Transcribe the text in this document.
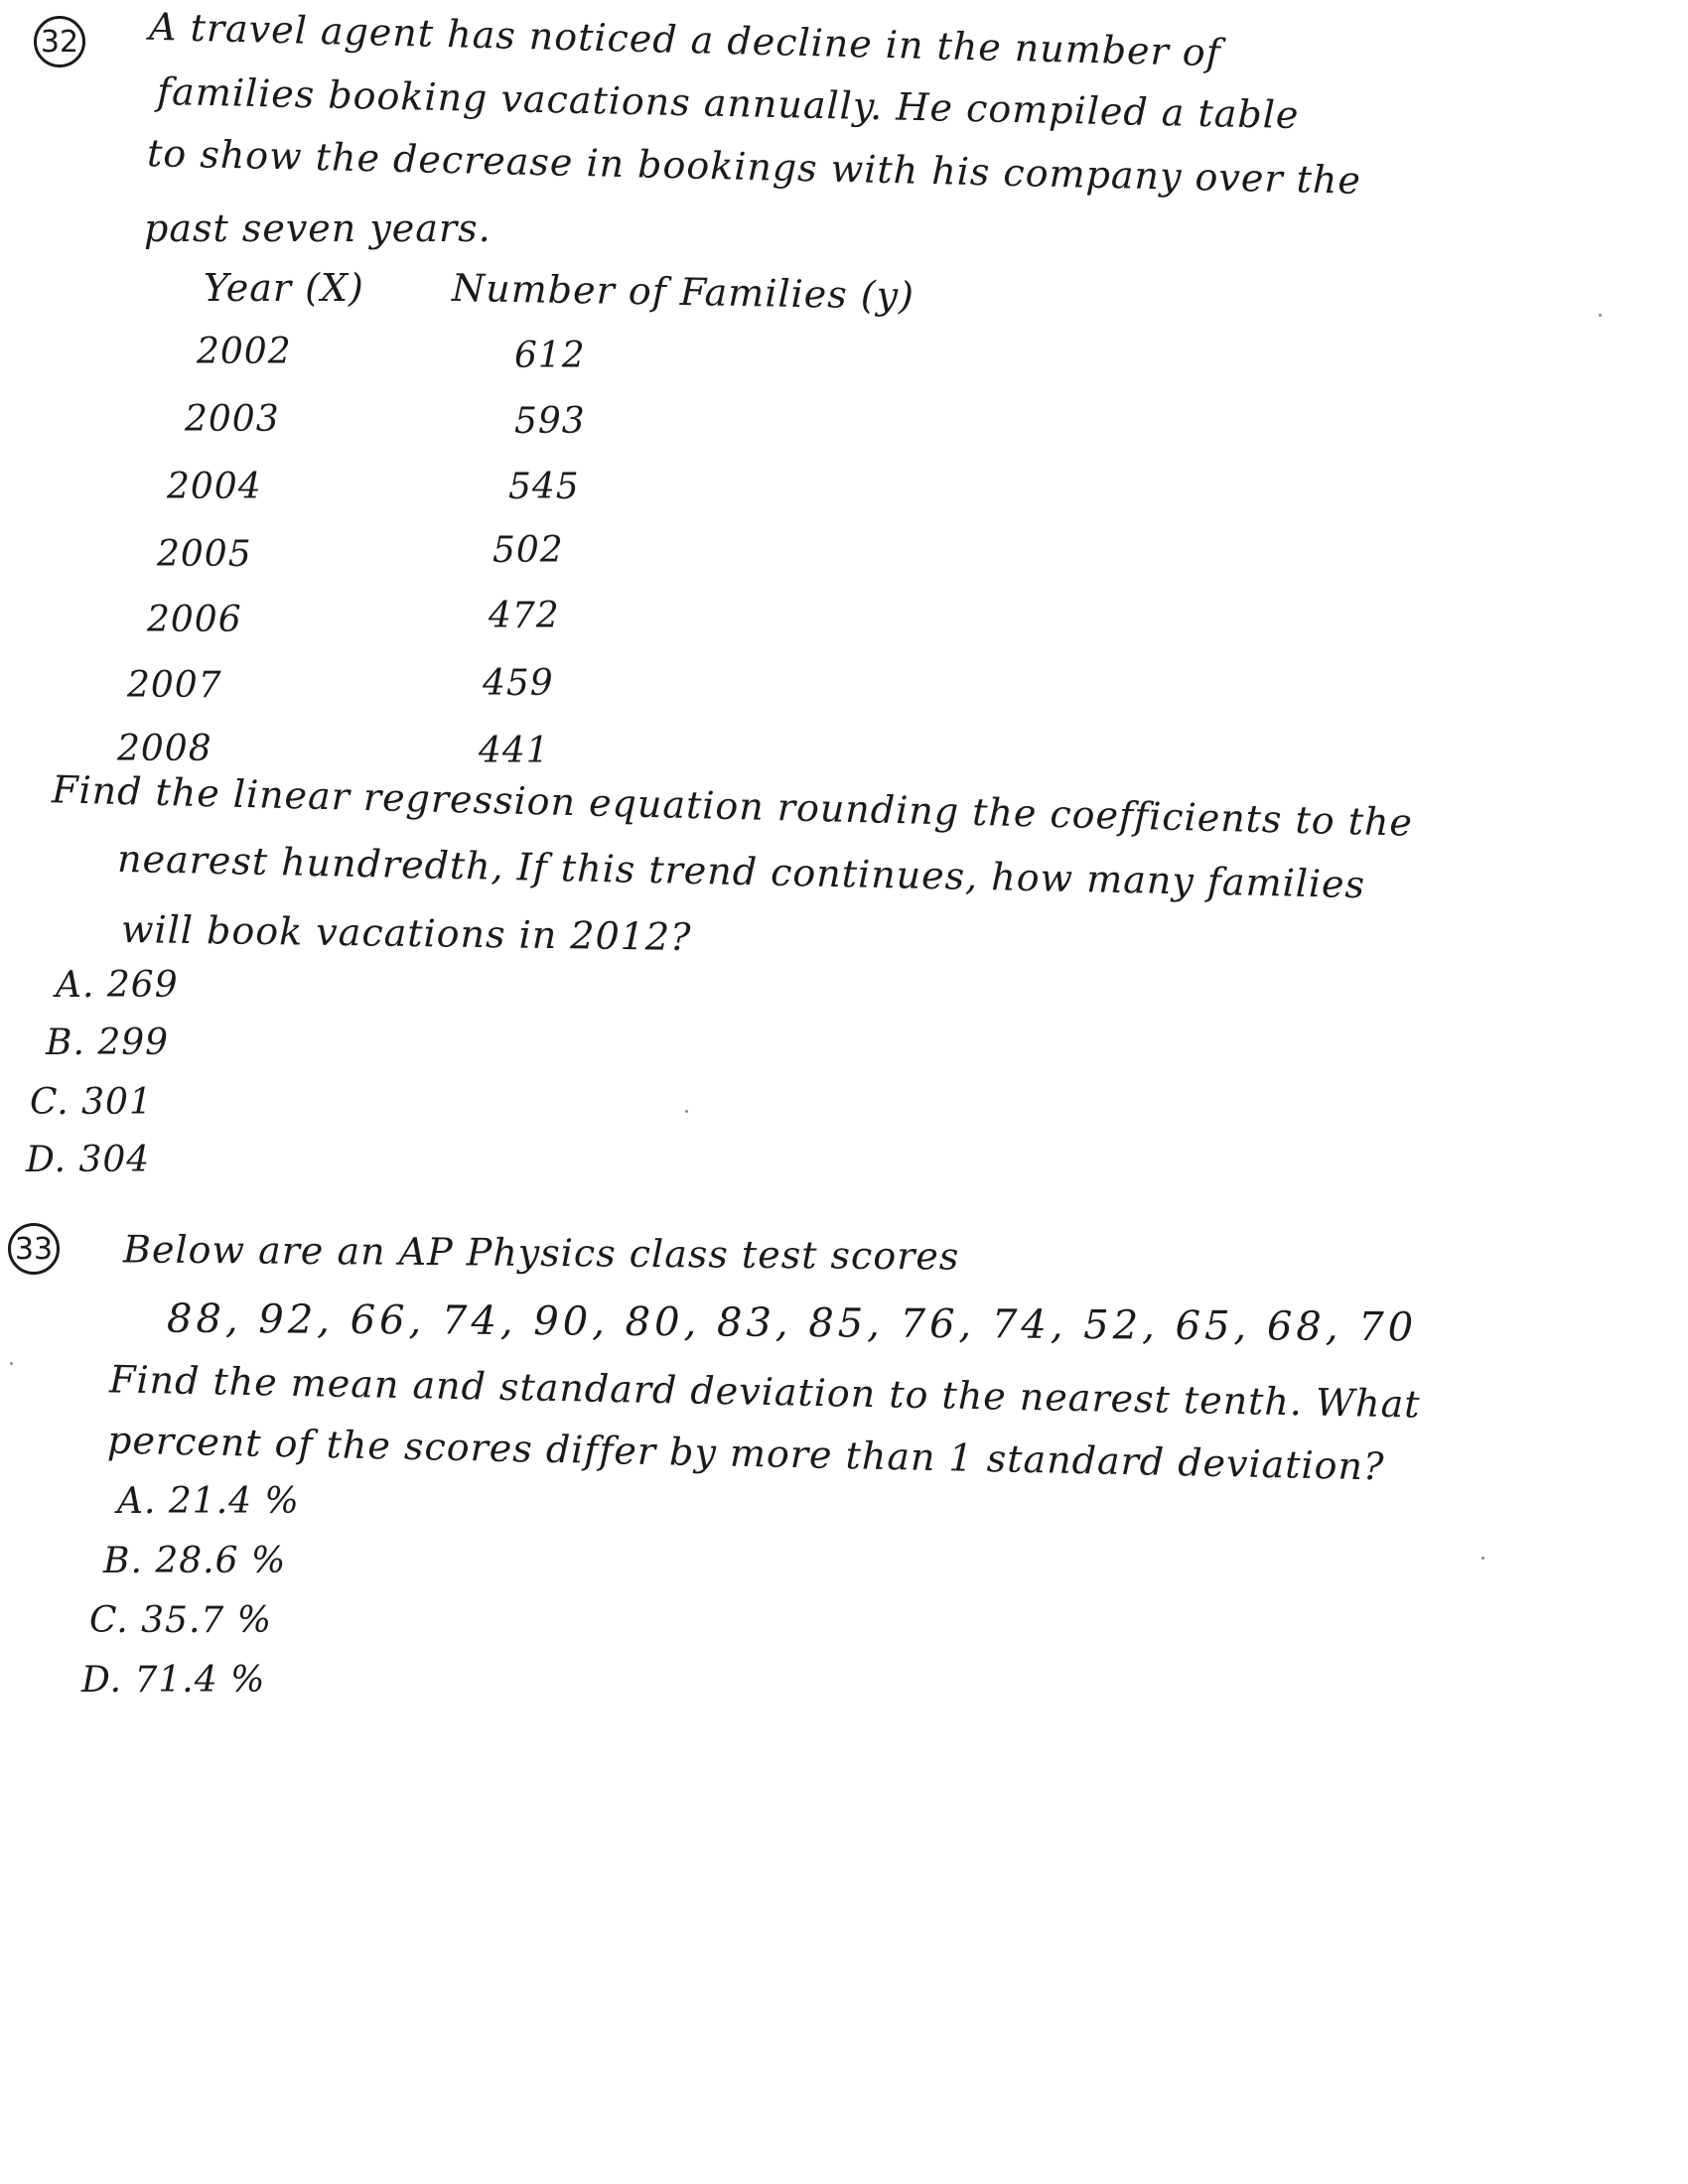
32 A travel agent has noticed a decline in the number of
families booking vacations annually. He compiled a table
to show the decrease in bookings with his company over the
past seven years.
Year (X) Number of Families (y)
2002	612
2003	593
2004	545
2005	502
2006	472
2007	459
2008	441
Find the linear regression equation rounding the coefficients to the
nearest hundredth, If this trend continues, how many families
will book vacations in 2012?
A. 269
B. 299
C. 301
D. 304
33 Below are an AP Physics class test scores
88, 92, 66, 74, 90, 80, 83, 85, 76, 74, 52, 65, 68, 70
Find the mean and standard deviation to the nearest tenth. What
percent of the scores differ by more than 1 standard deviation?
A. 21.4 %
B. 28.6 %
C. 35.7 %
D. 71.4 %
